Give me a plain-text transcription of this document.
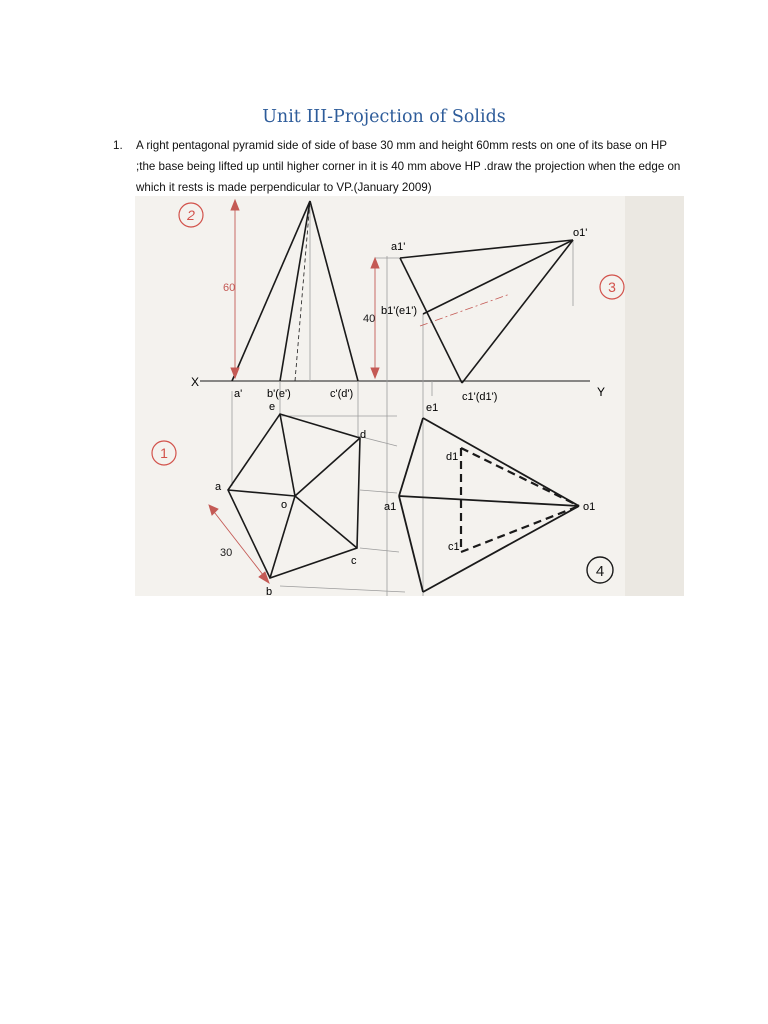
Unit III-Projection of Solids
1. A right pentagonal pyramid side of side of base 30 mm and height 60mm rests on one of its base on HP ;the base being lifted up until higher corner in it is 40 mm above HP .draw the projection when the edge on which it rests is made perpendicular to VP.(January 2009)
X
Y
60
40
30
a' b'(e')	c'(d')
a
b
c
d
e
o
a1'
b1'(e1')
c1'(d1')
o1'
a1
c1
d1
e1
o1
1
2
3
4
